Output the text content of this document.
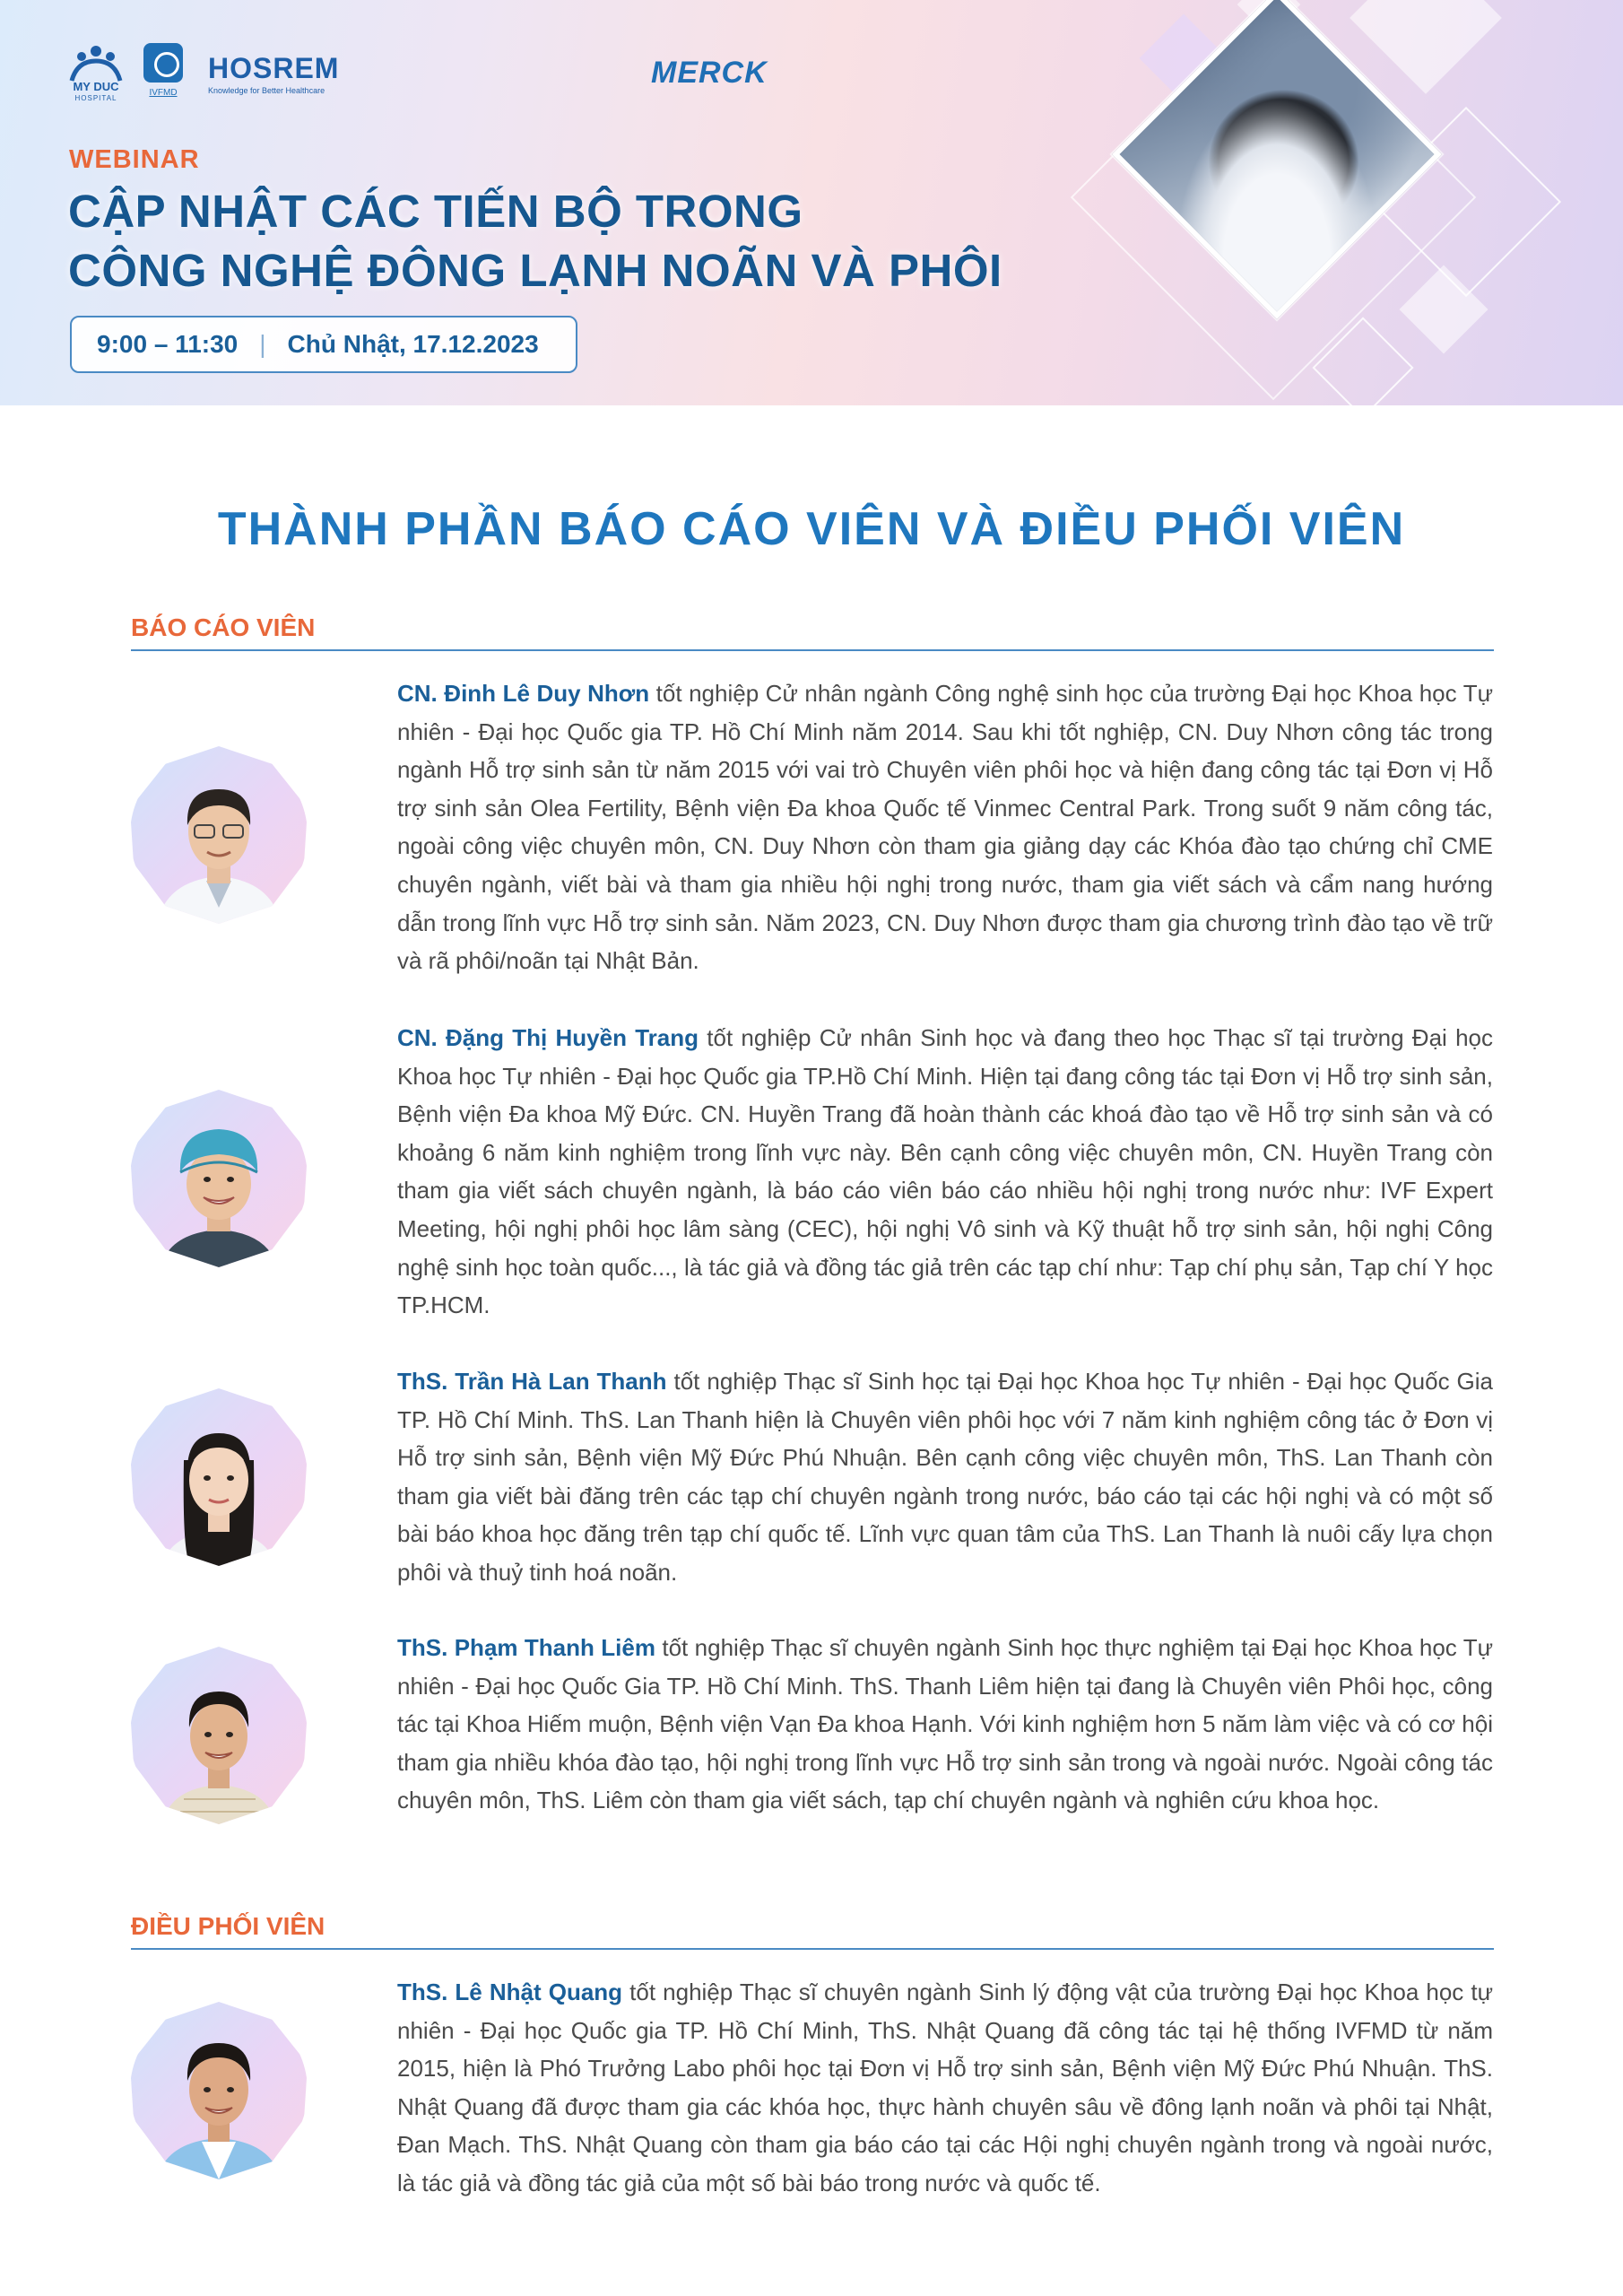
MY DUC
HOSPITAL
IVFMD
HOSREM
Knowledge for Better Healthcare
MERCK
WEBINAR
CẬP NHẬT CÁC TIẾN BỘ TRONG
CÔNG NGHỆ ĐÔNG LẠNH NOÃN VÀ PHÔI
9:00 – 11:30 | Chủ Nhật, 17.12.2023
THÀNH PHẦN BÁO CÁO VIÊN VÀ ĐIỀU PHỐI VIÊN
BÁO CÁO VIÊN
CN. Đinh Lê Duy Nhơn tốt nghiệp Cử nhân ngành Công nghệ sinh học của trường Đại học Khoa học Tự nhiên - Đại học Quốc gia TP. Hồ Chí Minh năm 2014. Sau khi tốt nghiệp, CN. Duy Nhơn công tác trong ngành Hỗ trợ sinh sản từ năm 2015 với vai trò Chuyên viên phôi học và hiện đang công tác tại Đơn vị Hỗ trợ sinh sản Olea Fertility, Bệnh viện Đa khoa Quốc tế Vinmec Central Park. Trong suốt 9 năm công tác, ngoài công việc chuyên môn, CN. Duy Nhơn còn tham gia giảng dạy các Khóa đào tạo chứng chỉ CME chuyên ngành, viết bài và tham gia nhiều hội nghị trong nước, tham gia viết sách và cẩm nang hướng dẫn trong lĩnh vực Hỗ trợ sinh sản. Năm 2023, CN. Duy Nhơn được tham gia chương trình đào tạo về trữ và rã phôi/noãn tại Nhật Bản.
CN. Đặng Thị Huyền Trang tốt nghiệp Cử nhân Sinh học và đang theo học Thạc sĩ tại trường Đại học Khoa học Tự nhiên - Đại học Quốc gia TP.Hồ Chí Minh. Hiện tại đang công tác tại Đơn vị Hỗ trợ sinh sản, Bệnh viện Đa khoa Mỹ Đức. CN. Huyền Trang đã hoàn thành các khoá đào tạo về Hỗ trợ sinh sản và có khoảng 6 năm kinh nghiệm trong lĩnh vực này. Bên cạnh công việc chuyên môn, CN. Huyền Trang còn tham gia viết sách chuyên ngành, là báo cáo viên báo cáo nhiều hội nghị trong nước như: IVF Expert Meeting, hội nghị phôi học lâm sàng (CEC), hội nghị Vô sinh và Kỹ thuật hỗ trợ sinh sản, hội nghị Công nghệ sinh học toàn quốc..., là tác giả và đồng tác giả trên các tạp chí như: Tạp chí phụ sản, Tạp chí Y học TP.HCM.
ThS. Trần Hà Lan Thanh tốt nghiệp Thạc sĩ Sinh học tại Đại học Khoa học Tự nhiên - Đại học Quốc Gia TP. Hồ Chí Minh. ThS. Lan Thanh hiện là Chuyên viên phôi học với 7 năm kinh nghiệm công tác ở Đơn vị Hỗ trợ sinh sản, Bệnh viện Mỹ Đức Phú Nhuận. Bên cạnh công việc chuyên môn, ThS. Lan Thanh còn tham gia viết bài đăng trên các tạp chí chuyên ngành trong nước, báo cáo tại các hội nghị và có một số bài báo khoa học đăng trên tạp chí quốc tế. Lĩnh vực quan tâm của ThS. Lan Thanh là nuôi cấy lựa chọn phôi và thuỷ tinh hoá noãn.
ThS. Phạm Thanh Liêm tốt nghiệp Thạc sĩ chuyên ngành Sinh học thực nghiệm tại Đại học Khoa học Tự nhiên - Đại học Quốc Gia TP. Hồ Chí Minh. ThS. Thanh Liêm hiện tại đang là Chuyên viên Phôi học, công tác tại Khoa Hiếm muộn, Bệnh viện Vạn Đa khoa Hạnh. Với kinh nghiệm hơn 5 năm làm việc và có cơ hội tham gia nhiều khóa đào tạo, hội nghị trong lĩnh vực Hỗ trợ sinh sản trong và ngoài nước. Ngoài công tác chuyên môn, ThS. Liêm còn tham gia viết sách, tạp chí chuyên ngành và nghiên cứu khoa học.
ĐIỀU PHỐI VIÊN
ThS. Lê Nhật Quang tốt nghiệp Thạc sĩ chuyên ngành Sinh lý động vật của trường Đại học Khoa học tự nhiên - Đại học Quốc gia TP. Hồ Chí Minh, ThS. Nhật Quang đã công tác tại hệ thống IVFMD từ năm 2015, hiện là Phó Trưởng Labo phôi học tại Đơn vị Hỗ trợ sinh sản, Bệnh viện Mỹ Đức Phú Nhuận. ThS. Nhật Quang đã được tham gia các khóa học, thực hành chuyên sâu về đông lạnh noãn và phôi tại Nhật, Đan Mạch. ThS. Nhật Quang còn tham gia báo cáo tại các Hội nghị chuyên ngành trong và ngoài nước, là tác giả và đồng tác giả của một số bài báo trong nước và quốc tế.
